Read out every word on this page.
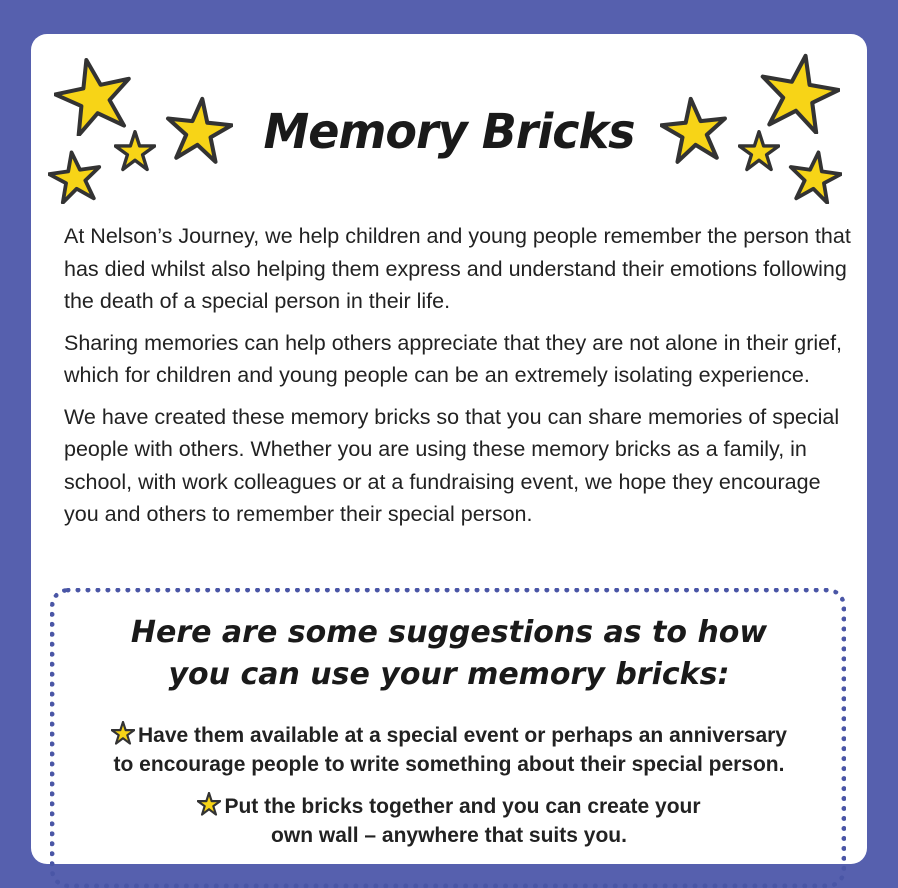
Memory Bricks

At Nelson’s Journey, we help children and young people remember the person that has died whilst also helping them express and understand their emotions following the death of a special person in their life.

Sharing memories can help others appreciate that they are not alone in their grief, which for children and young people can be an extremely isolating experience.

We have created these memory bricks so that you can share memories of special people with others. Whether you are using these memory bricks as a family, in school, with work colleagues or at a fundraising event, we hope they encourage you and others to remember their special person.

Here are some suggestions as to how
you can use your memory bricks:
Have them available at a special event or perhaps an anniversary
to encourage people to write something about their special person.
Put the bricks together and you can create your
own wall – anywhere that suits you.
